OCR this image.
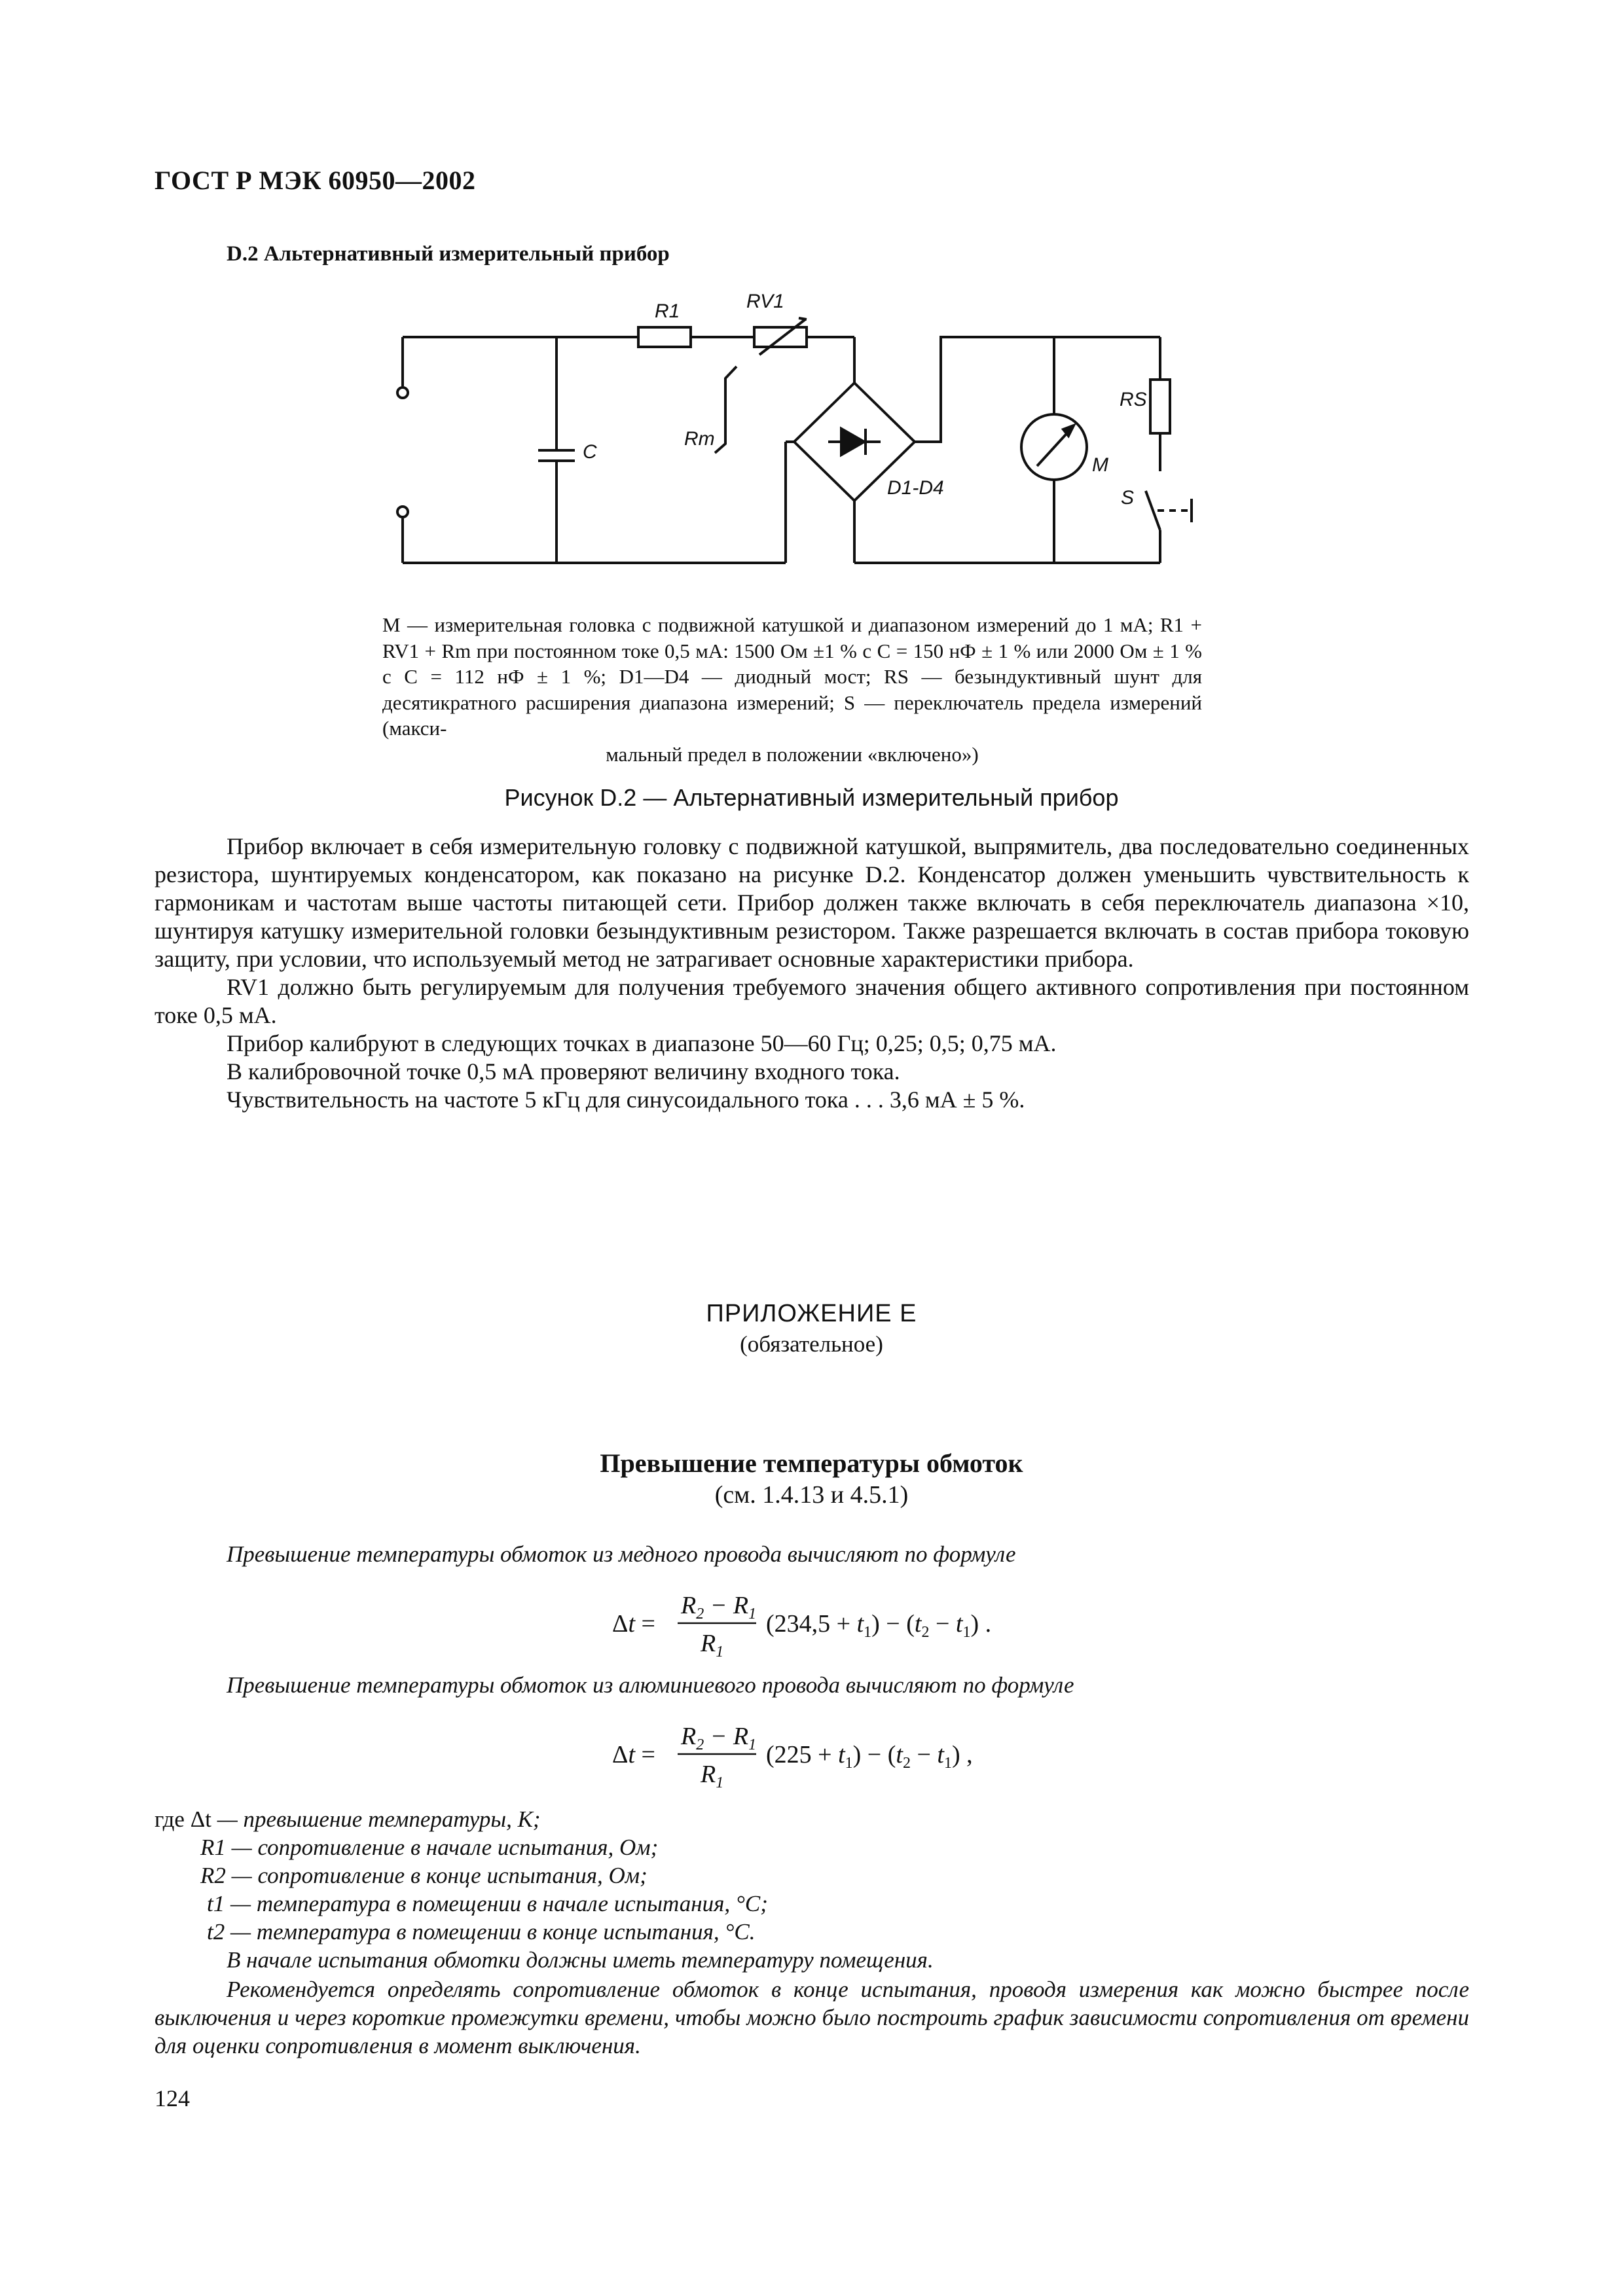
ГОСТ Р МЭК 60950—2002
D.2 Альтернативный измерительный прибор
R1	RV1
C
Rm
D1-D4
M
RS
S
M — измерительная головка с подвижной катушкой и диапазоном измерений до 1 мА; R1 + RV1 + Rm при постоянном токе 0,5 мА: 1500 Ом ±1 % с С = 150 нФ ± 1 % или 2000 Ом ± 1 % с С = 112 нФ ± 1 %; D1—D4 — диодный мост; RS — безындуктивный шунт для десятикратного расширения диапазона измерений; S — переключатель предела измерений (макси-
мальный предел в положении «включено»)
Рисунок D.2 — Альтернативный измерительный прибор

Прибор включает в себя измерительную головку с подвижной катушкой, выпрямитель, два последовательно соединенных резистора, шунтируемых конденсатором, как показано на рисунке D.2. Конденсатор должен уменьшить чувствительность к гармоникам и частотам выше частоты питающей сети. Прибор должен также включать в себя переключатель диапазона ×10, шунтируя катушку измерительной головки безындуктивным резистором. Также разрешается включать в состав прибора токовую защиту, при условии, что используемый метод не затрагивает основные характеристики прибора.

RV1 должно быть регулируемым для получения требуемого значения общего активного сопротивления при постоянном токе 0,5 мА.

Прибор калибруют в следующих точках в диапазоне 50—60 Гц; 0,25; 0,5; 0,75 мА.

В калибровочной точке 0,5 мА проверяют величину входного тока.

Чувствительность на частоте 5 кГц для синусоидального тока . . . 3,6 мА ± 5 %.

ПРИЛОЖЕНИЕ Е
(обязательное)
Превышение температуры обмоток
(см. 1.4.13 и 4.5.1)
Превышение температуры обмоток из медного провода вычисляют по формуле
Δt =
$R_2 - R_1$
$R_1$
$(234,5 + t_1) - (t_2 - t_1)$ .
Превышение температуры обмоток из алюминиевого провода вычисляют по формуле
Δt =
$R_2 - R_1$
$R_1$
$(225 + t_1) - (t_2 - t_1)$ ,
где Δt — превышение температуры, К;
R1 — сопротивление в начале испытания, Ом;
R2 — сопротивление в конце испытания, Ом;
t1 — температура в помещении в начале испытания, °С;
t2 — температура в помещении в конце испытания, °С.
В начале испытания обмотки должны иметь температуру помещения.
Рекомендуется определять сопротивление обмоток в конце испытания, проводя измерения как можно быстрее после выключения и через короткие промежутки времени, чтобы можно было построить график зависимости сопротивления от времени для оценки сопротивления в момент выключения.
124
